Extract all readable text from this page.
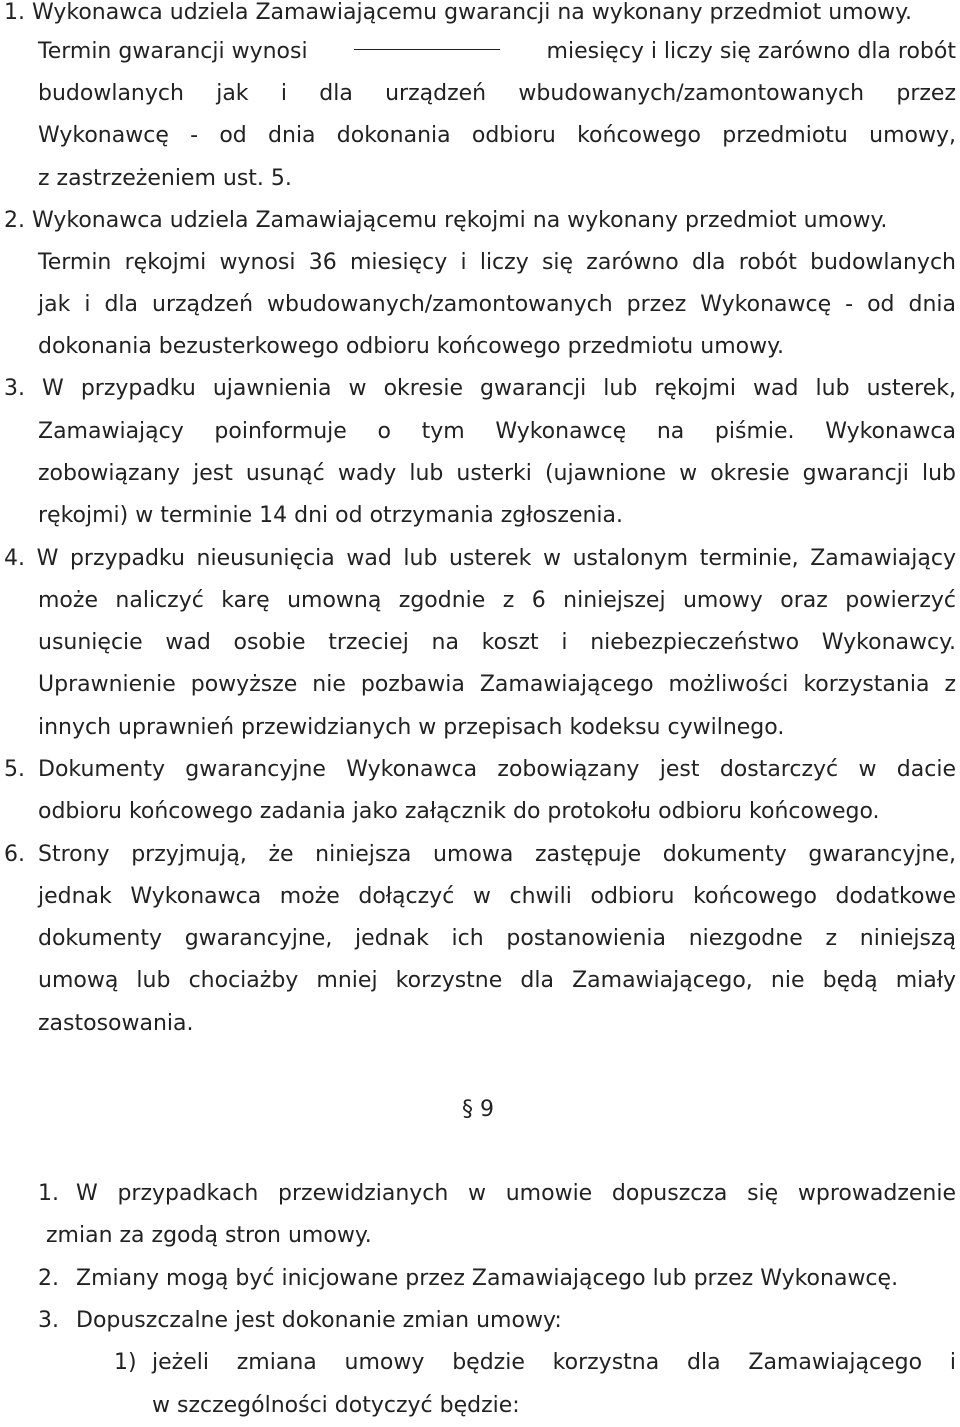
1. Wykonawca udziela Zamawiającemu gwarancji na wykonany przedmiot umowy.
Termin gwarancji wynosi	miesięcy i liczy się zarówno dla robót
budowlanych jak i dla urządzeń wbudowanych/zamontowanych przez
Wykonawcę - od dnia dokonania odbioru końcowego przedmiotu umowy,
z zastrzeżeniem ust. 5.
2. Wykonawca udziela Zamawiającemu rękojmi na wykonany przedmiot umowy.
Termin rękojmi wynosi 36 miesięcy i liczy się zarówno dla robót budowlanych
jak i dla urządzeń wbudowanych/zamontowanych przez Wykonawcę - od dnia
dokonania bezusterkowego odbioru końcowego przedmiotu umowy.
3. W przypadku ujawnienia w okresie gwarancji lub rękojmi wad lub usterek,
Zamawiający poinformuje o tym Wykonawcę na piśmie. Wykonawca
zobowiązany jest usunąć wady lub usterki (ujawnione w okresie gwarancji lub
rękojmi) w terminie 14 dni od otrzymania zgłoszenia.
4. W przypadku nieusunięcia wad lub usterek w ustalonym terminie, Zamawiający
może naliczyć karę umowną zgodnie z 6 niniejszej umowy oraz powierzyć
usunięcie wad osobie trzeciej na koszt i niebezpieczeństwo Wykonawcy.
Uprawnienie powyższe nie pozbawia Zamawiającego możliwości korzystania z
innych uprawnień przewidzianych w przepisach kodeksu cywilnego.
5. Dokumenty gwarancyjne Wykonawca zobowiązany jest dostarczyć w dacie
odbioru końcowego zadania jako załącznik do protokołu odbioru końcowego.
6. Strony przyjmują, że niniejsza umowa zastępuje dokumenty gwarancyjne,
jednak Wykonawca może dołączyć w chwili odbioru końcowego dodatkowe
dokumenty gwarancyjne, jednak ich postanowienia niezgodne z niniejszą
umową lub chociażby mniej korzystne dla Zamawiającego, nie będą miały
zastosowania.
§ 9
1. W przypadkach przewidzianych w umowie dopuszcza się wprowadzenie
zmian za zgodą stron umowy.
2. Zmiany mogą być inicjowane przez Zamawiającego lub przez Wykonawcę.
3. Dopuszczalne jest dokonanie zmian umowy:
1) jeżeli zmiana umowy będzie korzystna dla Zamawiającego i
w szczególności dotyczyć będzie:
